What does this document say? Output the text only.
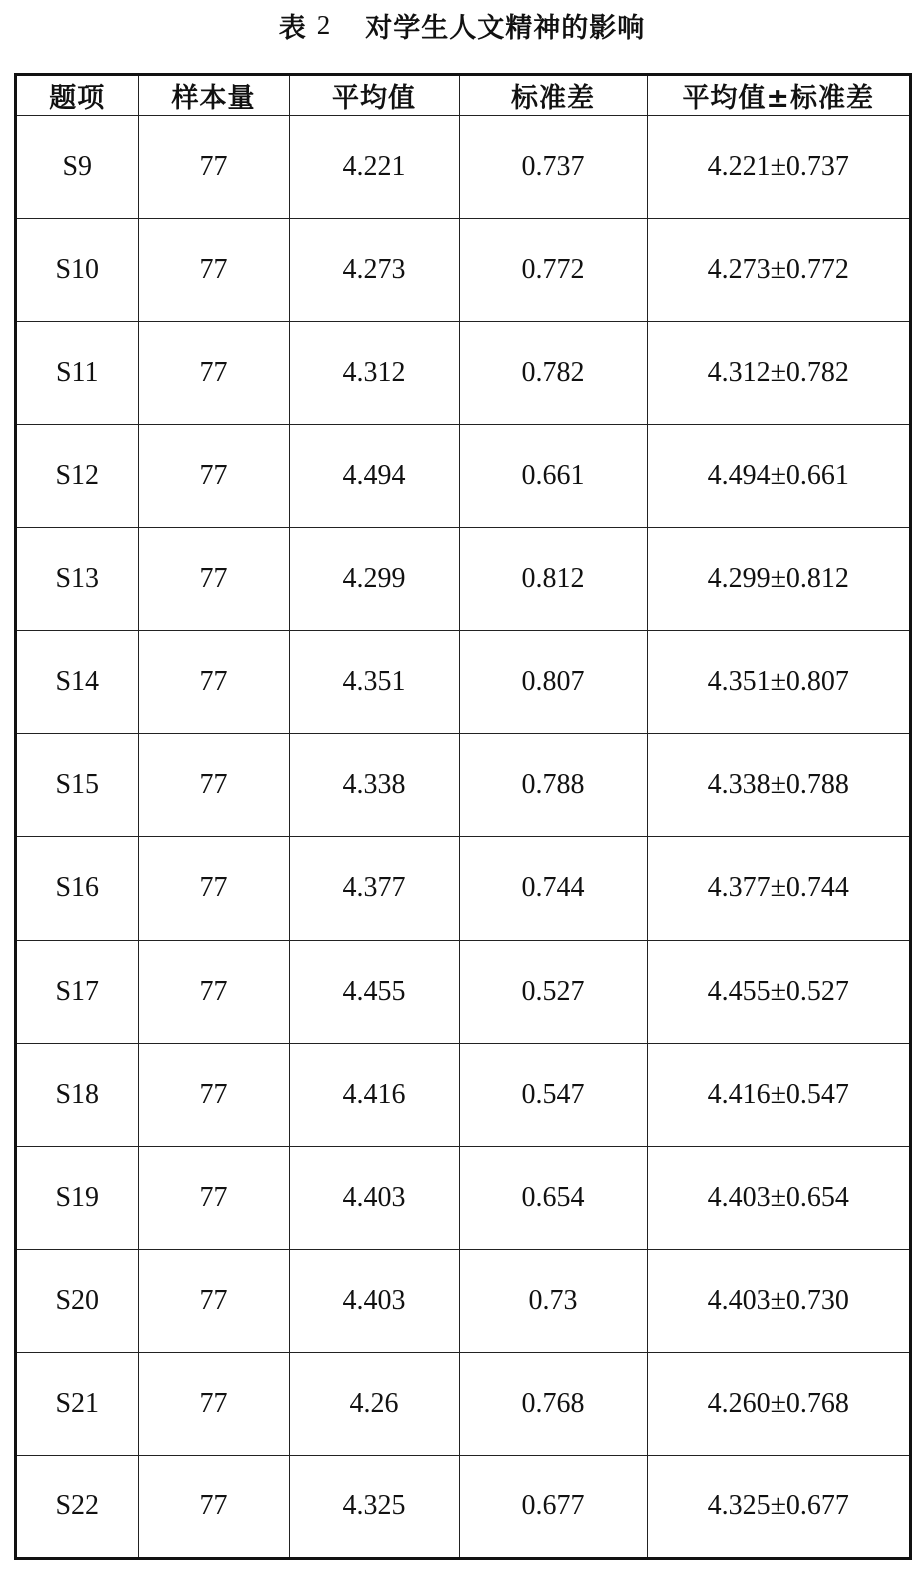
表 2 对学生人文精神的影响
题项	样本量	平均值	标准差	平均值±标准差
S9	77	4.221	0.737	4.221±0.737
S10	77	4.273	0.772	4.273±0.772
S11	77	4.312	0.782	4.312±0.782
S12	77	4.494	0.661	4.494±0.661
S13	77	4.299	0.812	4.299±0.812
S14	77	4.351	0.807	4.351±0.807
S15	77	4.338	0.788	4.338±0.788
S16	77	4.377	0.744	4.377±0.744
S17	77	4.455	0.527	4.455±0.527
S18	77	4.416	0.547	4.416±0.547
S19	77	4.403	0.654	4.403±0.654
S20	77	4.403	0.73	4.403±0.730
S21	77	4.26	0.768	4.260±0.768
S22	77	4.325	0.677	4.325±0.677
